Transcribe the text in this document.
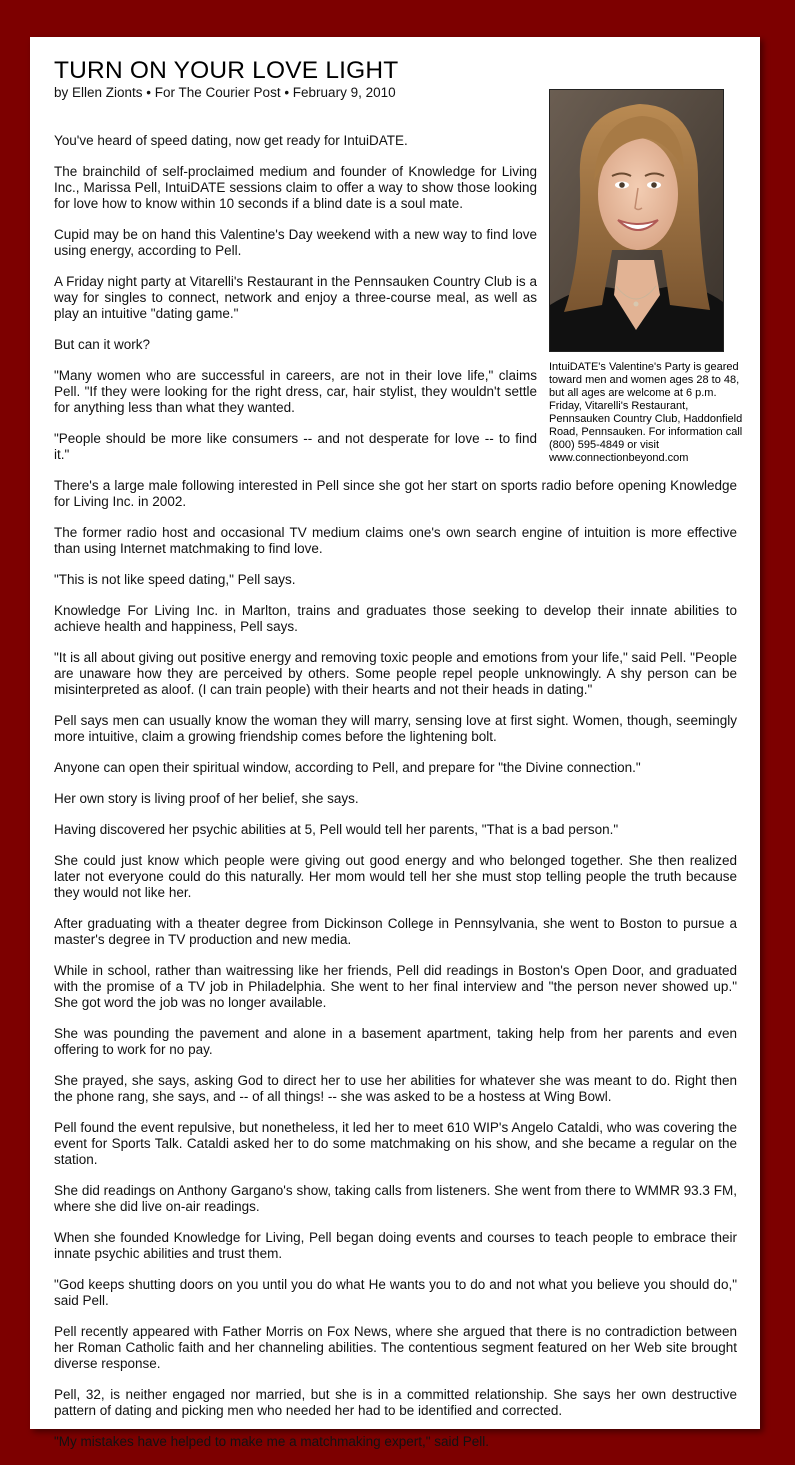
TURN ON YOUR LOVE LIGHT
by Ellen Zionts • For The Courier Post • February 9, 2010
IntuiDATE's Valentine's Party is geared toward men and women ages 28 to 48, but all ages are welcome at 6 p.m. Friday, Vitarelli's Restaurant, Pennsauken Country Club, Haddonfield Road, Pennsauken. For information call (800) 595-4849 or visit www.connectionbeyond.com

You've heard of speed dating, now get ready for IntuiDATE.

The brainchild of self-proclaimed medium and founder of Knowledge for Living Inc., Marissa Pell, IntuiDATE sessions claim to offer a way to show those looking for love how to know within 10 seconds if a blind date is a soul mate.

Cupid may be on hand this Valentine's Day weekend with a new way to find love using energy, according to Pell.

A Friday night party at Vitarelli's Restaurant in the Pennsauken Country Club is a way for singles to connect, network and enjoy a three-course meal, as well as play an intuitive "dating game."

But can it work?

"Many women who are successful in careers, are not in their love life," claims Pell. "If they were looking for the right dress, car, hair stylist, they wouldn't settle for anything less than what they wanted.

"People should be more like consumers -- and not desperate for love -- to find it."

There's a large male following interested in Pell since she got her start on sports radio before opening Knowledge for Living Inc. in 2002.

The former radio host and occasional TV medium claims one's own search engine of intuition is more effective than using Internet matchmaking to find love.

"This is not like speed dating," Pell says.

Knowledge For Living Inc. in Marlton, trains and graduates those seeking to develop their innate abilities to achieve health and happiness, Pell says.

"It is all about giving out positive energy and removing toxic people and emotions from your life," said Pell. "People are unaware how they are perceived by others. Some people repel people unknowingly. A shy person can be misinterpreted as aloof. (I can train people) with their hearts and not their heads in dating."

Pell says men can usually know the woman they will marry, sensing love at first sight. Women, though, seemingly more intuitive, claim a growing friendship comes before the lightening bolt.

Anyone can open their spiritual window, according to Pell, and prepare for "the Divine connection."

Her own story is living proof of her belief, she says.

Having discovered her psychic abilities at 5, Pell would tell her parents, "That is a bad person."

She could just know which people were giving out good energy and who belonged together. She then realized later not everyone could do this naturally. Her mom would tell her she must stop telling people the truth because they would not like her.

After graduating with a theater degree from Dickinson College in Pennsylvania, she went to Boston to pursue a master's degree in TV production and new media.

While in school, rather than waitressing like her friends, Pell did readings in Boston's Open Door, and graduated with the promise of a TV job in Philadelphia. She went to her final interview and "the person never showed up." She got word the job was no longer available.

She was pounding the pavement and alone in a basement apartment, taking help from her parents and even offering to work for no pay.

She prayed, she says, asking God to direct her to use her abilities for whatever she was meant to do. Right then the phone rang, she says, and -- of all things! -- she was asked to be a hostess at Wing Bowl.

Pell found the event repulsive, but nonetheless, it led her to meet 610 WIP's Angelo Cataldi, who was covering the event for Sports Talk. Cataldi asked her to do some matchmaking on his show, and she became a regular on the station.

She did readings on Anthony Gargano's show, taking calls from listeners. She went from there to WMMR 93.3 FM, where she did live on-air readings.

When she founded Knowledge for Living, Pell began doing events and courses to teach people to embrace their innate psychic abilities and trust them.

"God keeps shutting doors on you until you do what He wants you to do and not what you believe you should do," said Pell.

Pell recently appeared with Father Morris on Fox News, where she argued that there is no contradiction between her Roman Catholic faith and her channeling abilities. The contentious segment featured on her Web site brought diverse response.

Pell, 32, is neither engaged nor married, but she is in a committed relationship. She says her own destructive pattern of dating and picking men who needed her had to be identified and corrected.

"My mistakes have helped to make me a matchmaking expert," said Pell.
